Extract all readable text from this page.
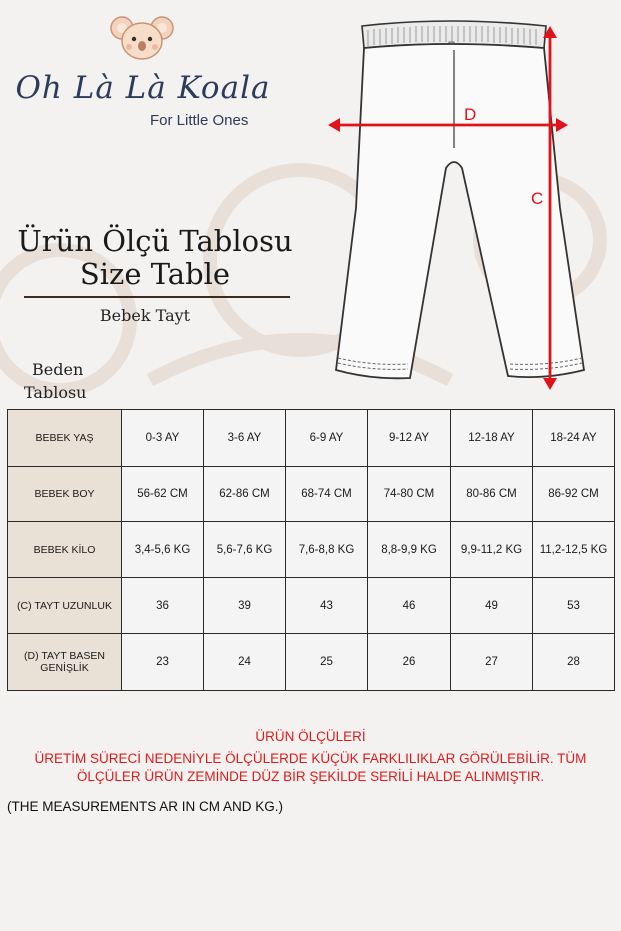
Oh Là Là Koala
For Little Ones
Ürün Ölçü Tablosu
Size Table
Bebek Tayt
Beden
Tablosu
D
C
BEBEK YAŞ	0-3 AY	3-6 AY	6-9 AY	9-12 AY	12-18 AY	18-24 AY
BEBEK BOY	56-62 CM	62-86 CM	68-74 CM	74-80 CM	80-86 CM	86-92 CM
BEBEK KİLO	3,4-5,6 KG	5,6-7,6 KG	7,6-8,8 KG	8,8-9,9 KG	9,9-11,2 KG	11,2-12,5 KG
(C) TAYT UZUNLUK	36	39	43	46	49	53
(D) TAYT BASEN GENİŞLİK	23	24	25	26	27	28
ÜRÜN ÖLÇÜLERİ
ÜRETİM SÜRECİ NEDENİYLE ÖLÇÜLERDE KÜÇÜK FARKLILIKLAR GÖRÜLEBİLİR. TÜM
ÖLÇÜLER ÜRÜN ZEMİNDE DÜZ BİR ŞEKİLDE SERİLİ HALDE ALINMIŞTIR.
(THE MEASUREMENTS AR IN CM AND KG.)
